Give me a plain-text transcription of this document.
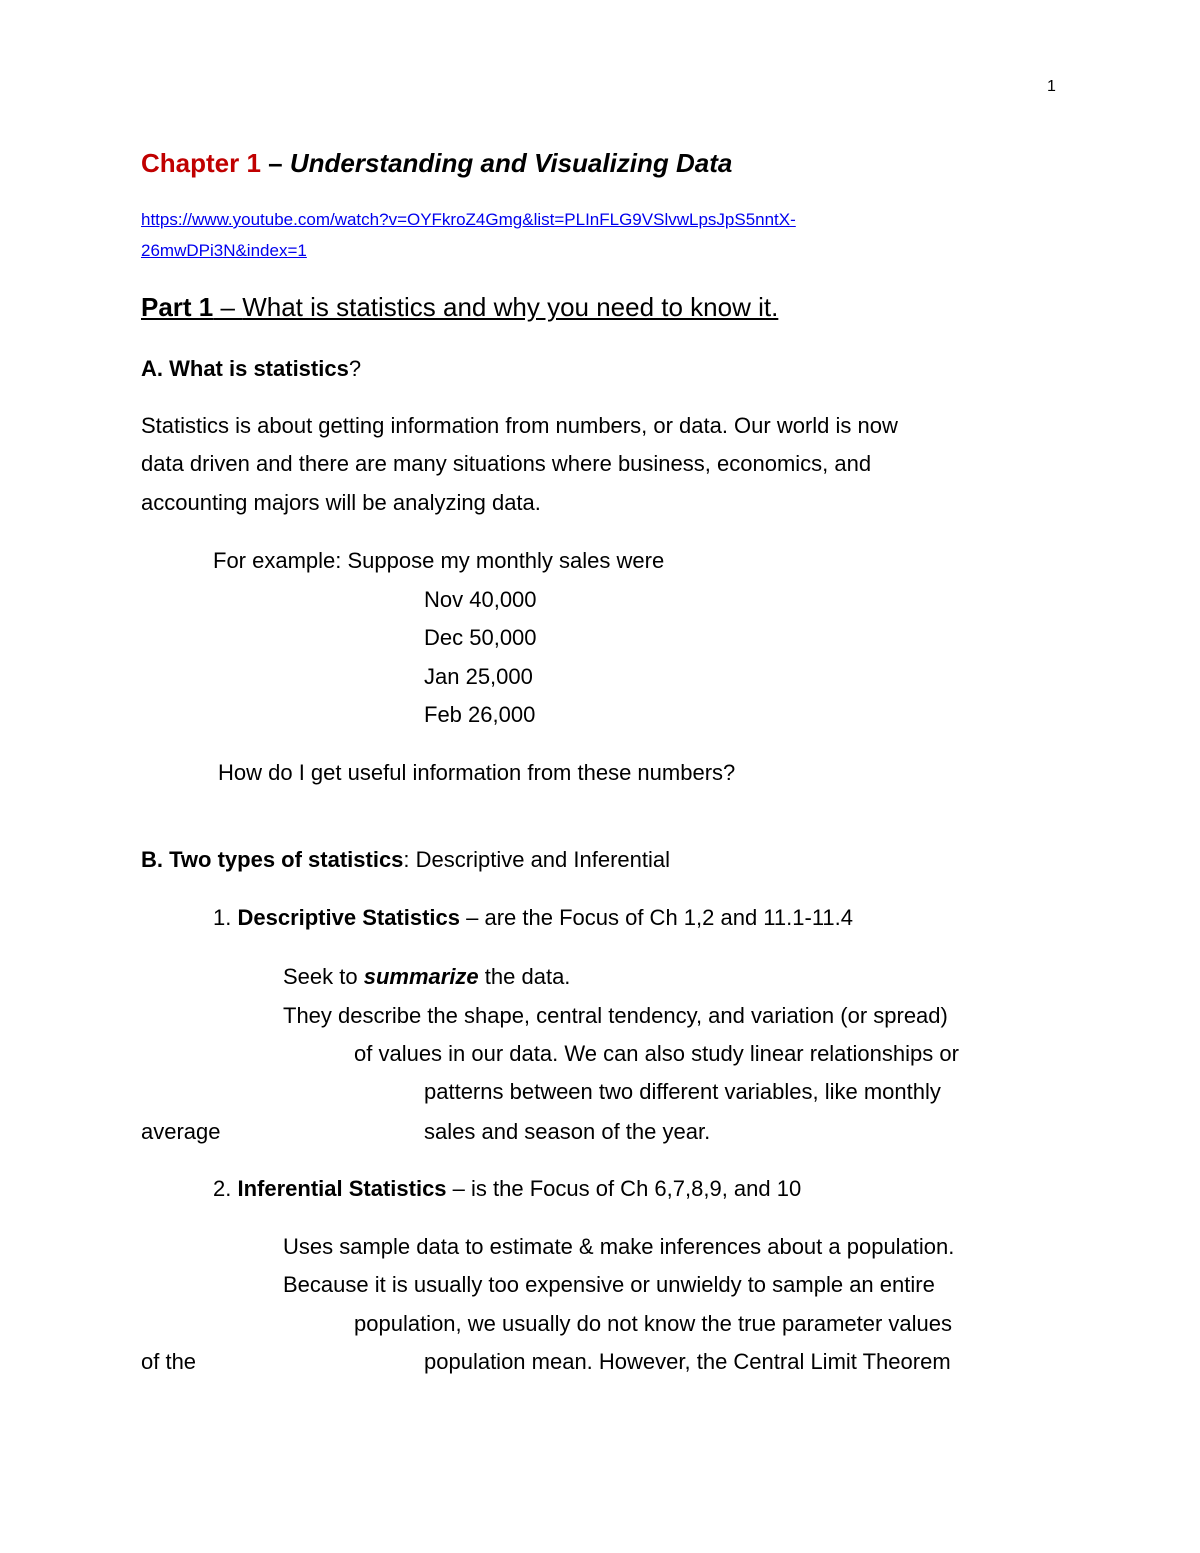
1
Chapter 1 – Understanding and Visualizing Data
https://www.youtube.com/watch?v=OYFkroZ4Gmg&list=PLInFLG9VSlvwLpsJpS5nntX-
26mwDPi3N&index=1
Part 1 – What is statistics and why you need to know it.
A. What is statistics?
Statistics is about getting information from numbers, or data. Our world is now
data driven and there are many situations where business, economics, and
accounting majors will be analyzing data.
For example: Suppose my monthly sales were
Nov 40,000
Dec 50,000
Jan 25,000
Feb 26,000
How do I get useful information from these numbers?
B. Two types of statistics: Descriptive and Inferential
1. Descriptive Statistics – are the Focus of Ch 1,2 and 11.1-11.4
Seek to summarize the data.
They describe the shape, central tendency, and variation (or spread)
of values in our data. We can also study linear relationships or
patterns between two different variables, like monthly
average	sales and season of the year.
2. Inferential Statistics – is the Focus of Ch 6,7,8,9, and 10
Uses sample data to estimate & make inferences about a population.
Because it is usually too expensive or unwieldy to sample an entire
population, we usually do not know the true parameter values
of the	population mean. However, the Central Limit Theorem
